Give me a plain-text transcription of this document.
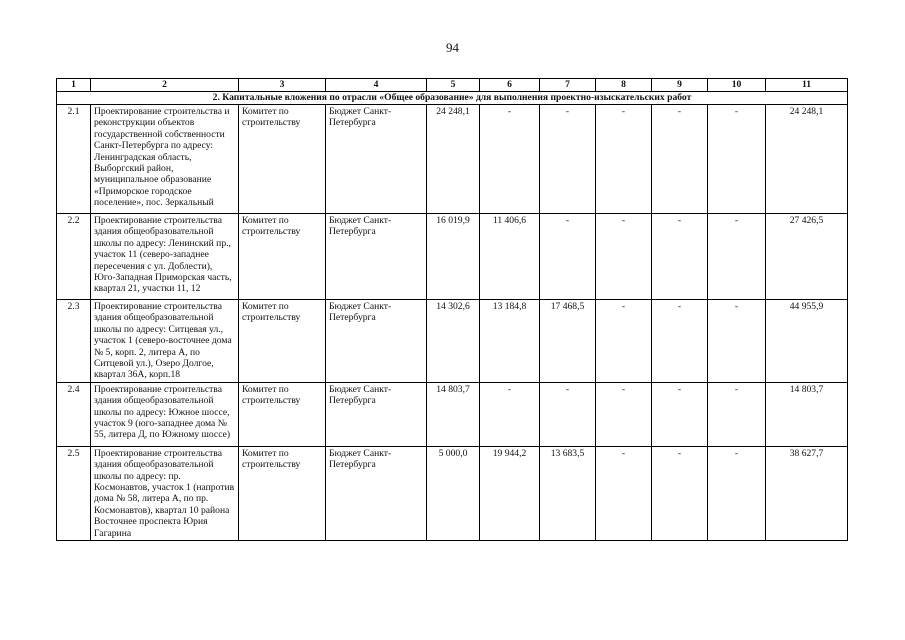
94
1	2	3	4	5	6	7	8	9	10	11
2. Капитальные вложения по отрасли «Общее образование» для выполнения проектно-изыскательских работ										
2.1	Проектирование строительства и реконструкции объектов государственной собственности Санкт-Петербурга по адресу: Ленинградская область, Выборгский район, муниципальное образование «Приморское городское поселение», пос. Зеркальный	Комитет по строительству	Бюджет Санкт-Петербурга	24 248,1	-	-	-	-	-	24 248,1
2.2	Проектирование строительства здания общеобразовательной школы по адресу: Ленинский пр., участок 11 (северо-западнее пересечения с ул. Доблести), Юго-Западная Приморская часть, квартал 21, участки 11, 12	Комитет по строительству	Бюджет Санкт-Петербурга	16 019,9	11 406,6	-	-	-	-	27 426,5
2.3	Проектирование строительства здания общеобразовательной школы по адресу: Ситцевая ул., участок 1 (северо-восточнее дома № 5, корп. 2, литера А, по Ситцевой ул.), Озеро Долгое, квартал 36А, корп.18	Комитет по строительству	Бюджет Санкт-Петербурга	14 302,6	13 184,8	17 468,5	-	-	-	44 955,9
2.4	Проектирование строительства здания общеобразовательной школы по адресу: Южное шоссе, участок 9 (юго-западнее дома № 55, литера Д, по Южному шоссе)	Комитет по строительству	Бюджет Санкт-Петербурга	14 803,7	-	-	-	-	-	14 803,7
2.5	Проектирование строительства здания общеобразовательной школы по адресу: пр. Космонавтов, участок 1 (напротив дома № 58, литера А, по пр. Космонавтов), квартал 10 района Восточнее проспекта Юрия Гагарина	Комитет по строительству	Бюджет Санкт-Петербурга	5 000,0	19 944,2	13 683,5	-	-	-	38 627,7
